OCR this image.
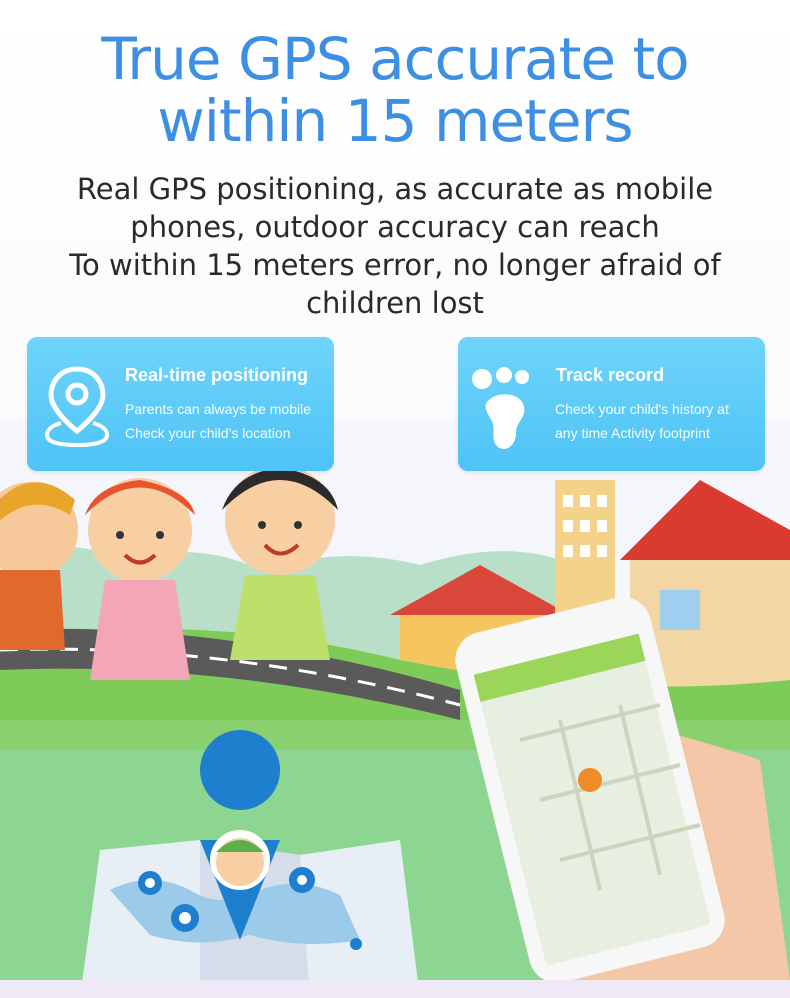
True GPS accurate to
within 15 meters
Real GPS positioning, as accurate as mobile
phones, outdoor accuracy can reach
To within 15 meters error, no longer afraid of
children lost
Real-time positioning
Parents can always be mobile
Check your child’s location
Track record
Check your child's history at
any time Activity footprint
